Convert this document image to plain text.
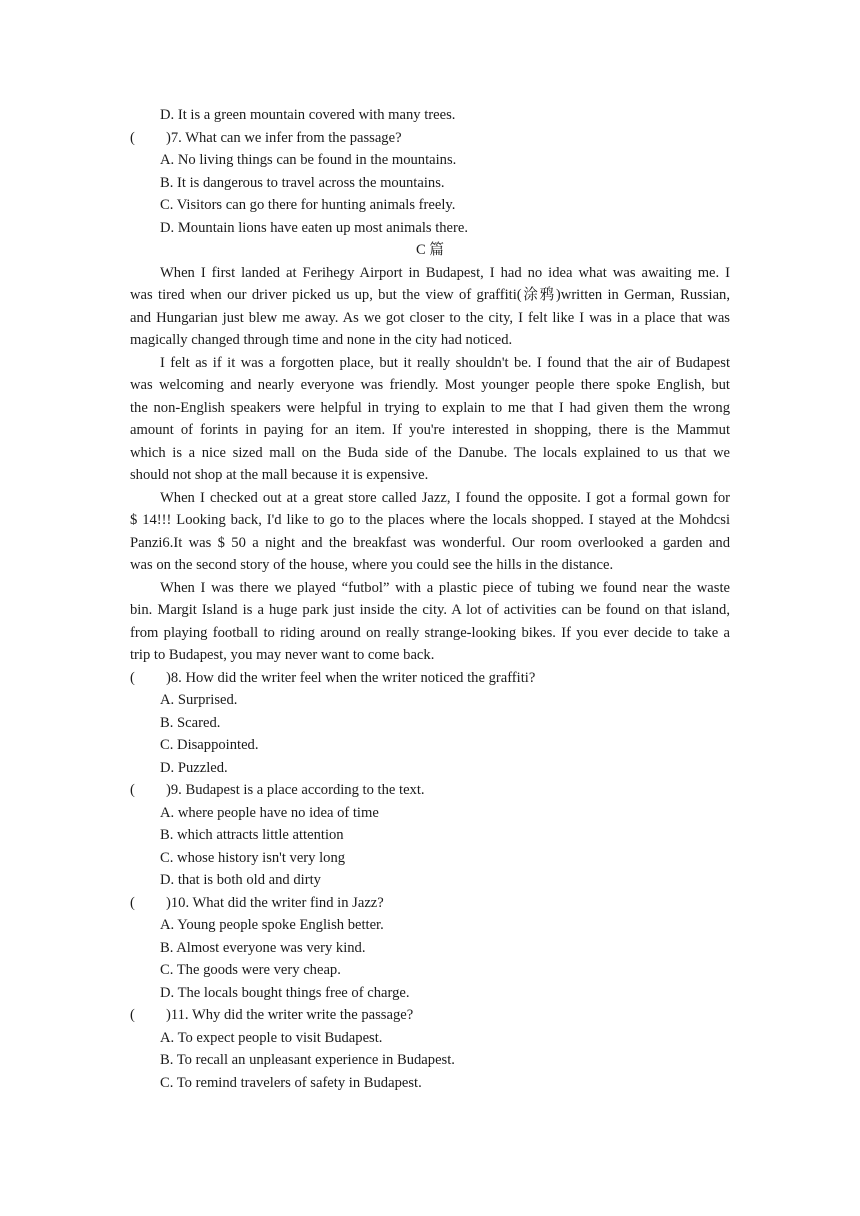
D. It is a green mountain covered with many trees.
( )7. What can we infer from the passage?
A. No living things can be found in the mountains.
B. It is dangerous to travel across the mountains.
C. Visitors can go there for hunting animals freely.
D. Mountain lions have eaten up most animals there.
C 篇
When I first landed at Ferihegy Airport in Budapest, I had no idea what was awaiting me. I
was tired when our driver picked us up, but the view of graffiti(涂鸦)written in German, Russian,
and Hungarian just blew me away. As we got closer to the city, I felt like I was in a place that was
magically changed through time and none in the city had noticed.
I felt as if it was a forgotten place, but it really shouldn't be. I found that the air of Budapest
was welcoming and nearly everyone was friendly. Most younger people there spoke English, but
the non-English speakers were helpful in trying to explain to me that I had given them the wrong
amount of forints in paying for an item. If you're interested in shopping, there is the Mammut
which is a nice sized mall on the Buda side of the Danube. The locals explained to us that we
should not shop at the mall because it is expensive.
When I checked out at a great store called Jazz, I found the opposite. I got a formal gown for
$ 14!!! Looking back, I'd like to go to the places where the locals shopped. I stayed at the Mohdcsi
Panzi6.It was $ 50 a night and the breakfast was wonderful. Our room overlooked a garden and
was on the second story of the house, where you could see the hills in the distance.
When I was there we played “futbol” with a plastic piece of tubing we found near the waste
bin. Margit Island is a huge park just inside the city. A lot of activities can be found on that island,
from playing football to riding around on really strange-looking bikes. If you ever decide to take a
trip to Budapest, you may never want to come back.
( )8. How did the writer feel when the writer noticed the graffiti?
A. Surprised.
B. Scared.
C. Disappointed.
D. Puzzled.
( )9. Budapest is a place according to the text.
A. where people have no idea of time
B. which attracts little attention
C. whose history isn't very long
D. that is both old and dirty
( )10. What did the writer find in Jazz?
A. Young people spoke English better.
B. Almost everyone was very kind.
C. The goods were very cheap.
D. The locals bought things free of charge.
( )11. Why did the writer write the passage?
A. To expect people to visit Budapest.
B. To recall an unpleasant experience in Budapest.
C. To remind travelers of safety in Budapest.
